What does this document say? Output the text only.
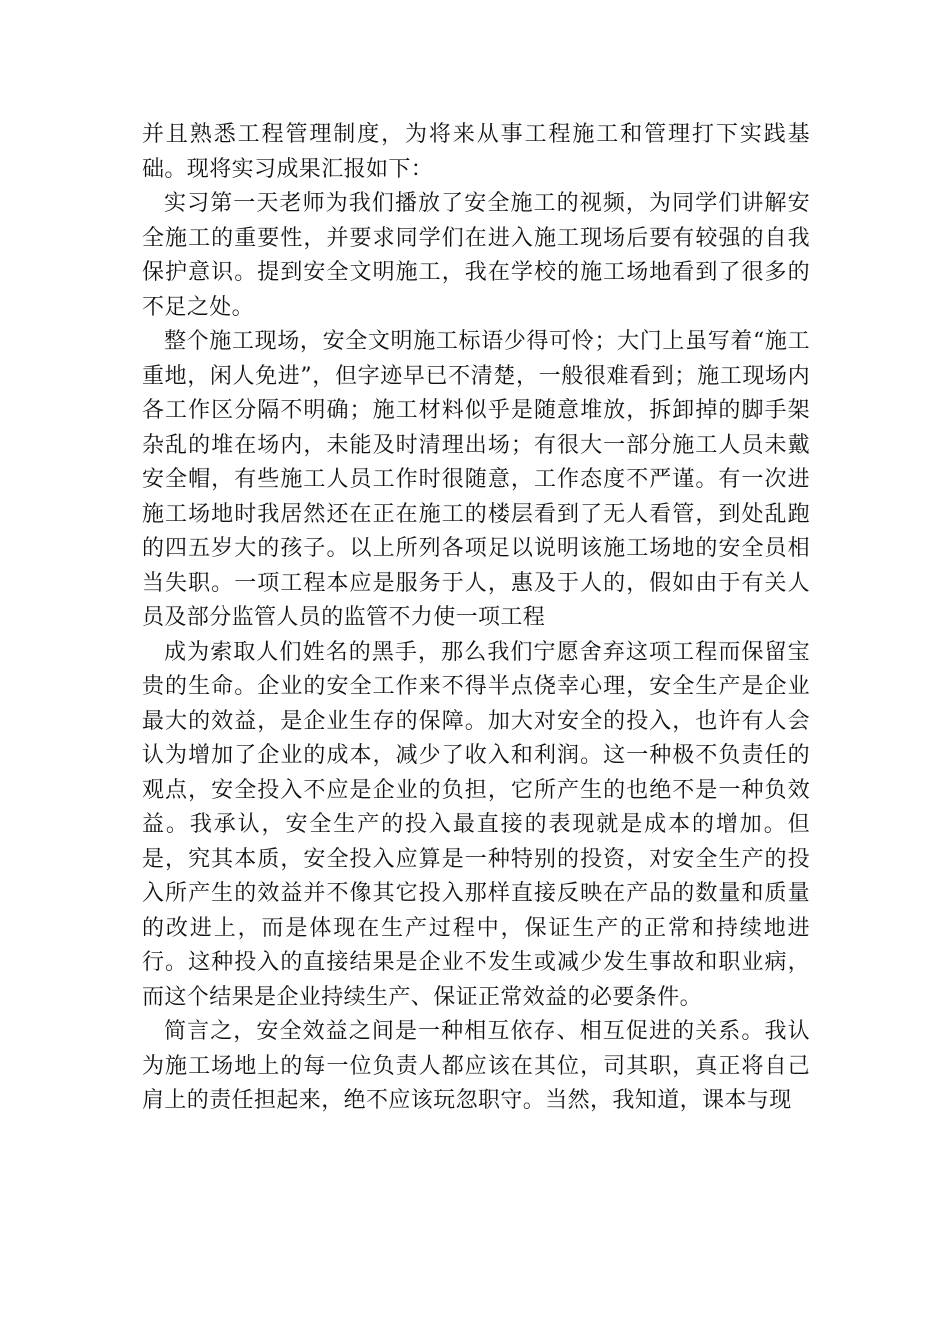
并且熟悉工程管理制度，为将来从事工程施工和管理打下实践基础。现将实习成果汇报如下：

实习第一天老师为我们播放了安全施工的视频，为同学们讲解安全施工的重要性，并要求同学们在进入施工现场后要有较强的自我保护意识。提到安全文明施工，我在学校的施工场地看到了很多的不足之处。

整个施工现场，安全文明施工标语少得可怜；大门上虽写着“施工重地，闲人免进”，但字迹早已不清楚，一般很难看到；施工现场内各工作区分隔不明确；施工材料似乎是随意堆放，拆卸掉的脚手架杂乱的堆在场内，未能及时清理出场；有很大一部分施工人员未戴安全帽，有些施工人员工作时很随意，工作态度不严谨。有一次进施工场地时我居然还在正在施工的楼层看到了无人看管，到处乱跑的四五岁大的孩子。以上所列各项足以说明该施工场地的安全员相当失职。一项工程本应是服务于人，惠及于人的，假如由于有关人员及部分监管人员的监管不力使一项工程

成为索取人们姓名的黑手，那么我们宁愿舍弃这项工程而保留宝贵的生命。企业的安全工作来不得半点侥幸心理，安全生产是企业最大的效益，是企业生存的保障。加大对安全的投入，也许有人会认为增加了企业的成本，减少了收入和利润。这一种极不负责任的观点，安全投入不应是企业的负担，它所产生的也绝不是一种负效益。我承认，安全生产的投入最直接的表现就是成本的增加。但是，究其本质，安全投入应算是一种特别的投资，对安全生产的投入所产生的效益并不像其它投入那样直接反映在产品的数量和质量的改进上，而是体现在生产过程中，保证生产的正常和持续地进行。这种投入的直接结果是企业不发生或减少发生事故和职业病，而这个结果是企业持续生产、保证正常效益的必要条件。

简言之，安全效益之间是一种相互依存、相互促进的关系。我认为施工场地上的每一位负责人都应该在其位，司其职，真正将自己肩上的责任担起来，绝不应该玩忽职守。当然，我知道，课本与现
